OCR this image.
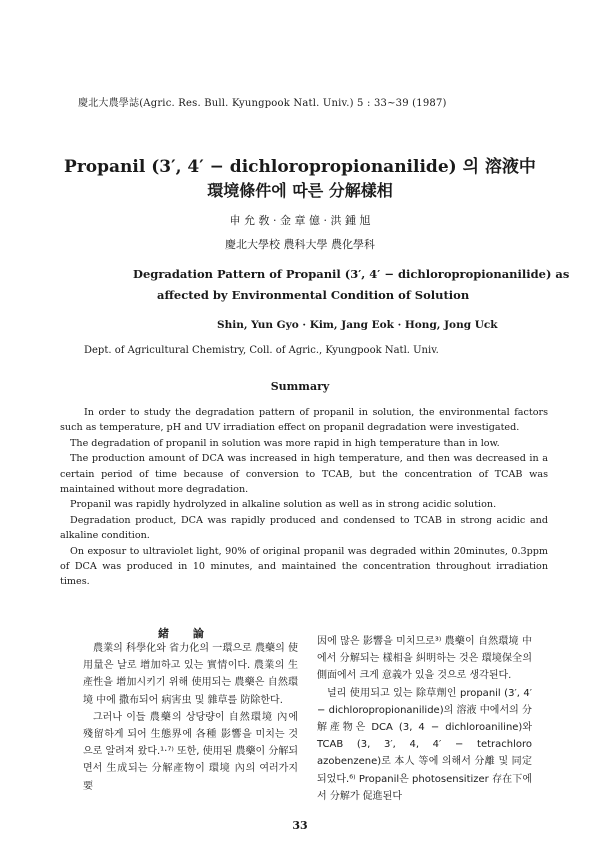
慶北大農學誌(Agric. Res. Bull. Kyungpook Natl. Univ.) 5 : 33~39 (1987)
Propanil (3′, 4′ − dichloropropionanilide) 의 溶液中
環境條件에 따른 分解樣相
申 允 敎 · 金 章 億 · 洪 鍾 旭
慶北大學校 農科大學 農化學科
Degradation Pattern of Propanil (3′, 4′ − dichloropropionanilide) as
affected by Environmental Condition of Solution
Shin, Yun Gyo · Kim, Jang Eok · Hong, Jong Uck
Dept. of Agricultural Chemistry, Coll. of Agric., Kyungpook Natl. Univ.
Summary

In order to study the degradation pattern of propanil in solution, the environmental factors such as temperature, pH and UV irradiation effect on propanil degradation were investigated.

The degradation of propanil in solution was more rapid in high temperature than in low.

The production amount of DCA was increased in high temperature, and then was decreased in a certain period of time because of conversion to TCAB, but the concentration of TCAB was maintained without more degradation.

Propanil was rapidly hydrolyzed in alkaline solution as well as in strong acidic solution.

Degradation product, DCA was rapidly produced and condensed to TCAB in strong acidic and alkaline condition.

On exposur to ultraviolet light, 90% of original propanil was degraded within 20minutes, 0.3ppm of DCA was produced in 10 minutes, and maintained the concentration throughout irradiation times.

緒 論

農業의 科學化와 省力化의 一環으로 農藥의 使用量은 날로 增加하고 있는 實情이다. 農業의 生產性을 增加시키기 위해 使用되는 農藥은 自然環境 中에 撒布되어 病害虫 및 雜草를 防除한다.

그러나 이들 農藥의 상당량이 自然環境 內에 殘留하게 되어 生態界에 各種 影響을 미치는 것으로 알려져 왔다.¹·⁷⁾ 또한, 使用된 農藥이 分解되면서 生成되는 分解產物이 環境 內의 여러가지 要

因에 많은 影響을 미치므로³⁾ 農藥이 自然環境 中에서 分解되는 樣相을 糾明하는 것은 環境保全의 側面에서 크게 意義가 있을 것으로 생각된다.

널리 使用되고 있는 除草劑인 propanil (3′, 4′ − dichloropropionanilide)의 溶液 中에서의 分解產物은 DCA (3, 4 − dichloroaniline)와 TCAB (3, 3′, 4, 4′ − tetrachloro azobenzene)로 本人 等에 의해서 分離 및 同定되었다.⁶⁾ Propanil은 photosensitizer 存在下에서 分解가 促進된다

33
